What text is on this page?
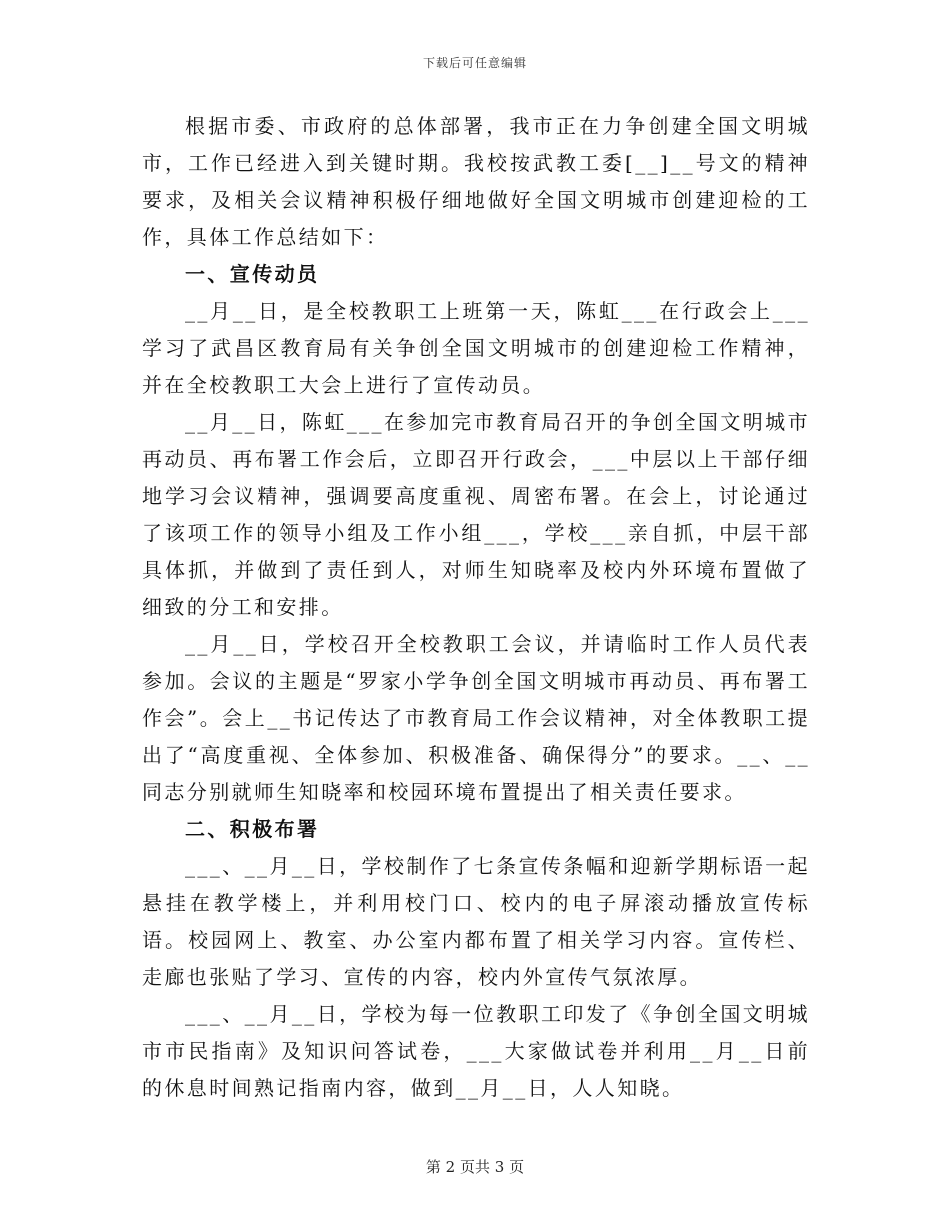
下载后可任意编辑

根据市委、市政府的总体部署，我市正在力争创建全国文明城市，工作已经进入到关键时期。我校按武教工委[__]__号文的精神要求，及相关会议精神积极仔细地做好全国文明城市创建迎检的工作，具体工作总结如下：

一、宣传动员

__月__日，是全校教职工上班第一天，陈虹___在行政会上___学习了武昌区教育局有关争创全国文明城市的创建迎检工作精神，并在全校教职工大会上进行了宣传动员。

__月__日，陈虹___在参加完市教育局召开的争创全国文明城市再动员、再布署工作会后，立即召开行政会，___中层以上干部仔细地学习会议精神，强调要高度重视、周密布署。在会上，讨论通过了该项工作的领导小组及工作小组___，学校___亲自抓，中层干部具体抓，并做到了责任到人，对师生知晓率及校内外环境布置做了细致的分工和安排。

__月__日，学校召开全校教职工会议，并请临时工作人员代表参加。会议的主题是“罗家小学争创全国文明城市再动员、再布署工作会”。会上__书记传达了市教育局工作会议精神，对全体教职工提出了“高度重视、全体参加、积极准备、确保得分”的要求。__、__同志分别就师生知晓率和校园环境布置提出了相关责任要求。

二、积极布署

___、__月__日，学校制作了七条宣传条幅和迎新学期标语一起悬挂在教学楼上，并利用校门口、校内的电子屏滚动播放宣传标语。校园网上、教室、办公室内都布置了相关学习内容。宣传栏、走廊也张贴了学习、宣传的内容，校内外宣传气氛浓厚。

___、__月__日，学校为每一位教职工印发了《争创全国文明城市市民指南》及知识问答试卷，___大家做试卷并利用__月__日前的休息时间熟记指南内容，做到__月__日，人人知晓。

第 2 页共 3 页
